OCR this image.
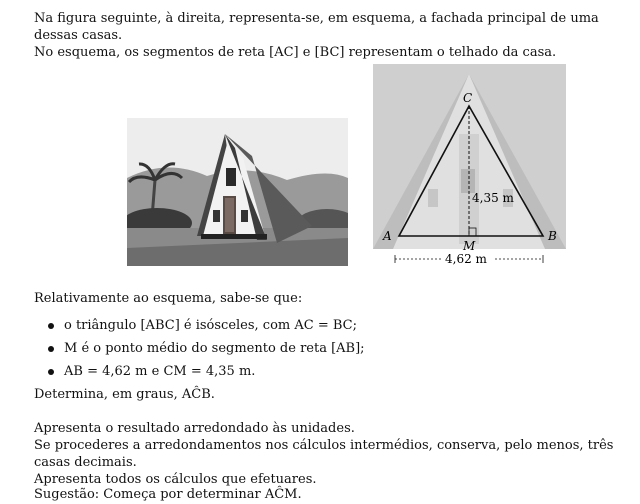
Na figura seguinte, à direita, representa-se, em esquema, a fachada principal de uma dessas casas.

No esquema, os segmentos de reta [AC] e [BC] representam o telhado da casa.

C
A	B
M
4,35 m
4,62 m

Relativamente ao esquema, sabe-se que:

o triângulo [ABC] é isósceles, com AC = BC;
M é o ponto médio do segmento de reta [AB];
AB = 4,62 m e CM = 4,35 m.

Determina, em graus, AĈB.

Apresenta o resultado arredondado às unidades.

Se procederes a arredondamentos nos cálculos intermédios, conserva, pelo menos, três casas decimais.

Apresenta todos os cálculos que efetuares.

Sugestão: Começa por determinar AĈM.
